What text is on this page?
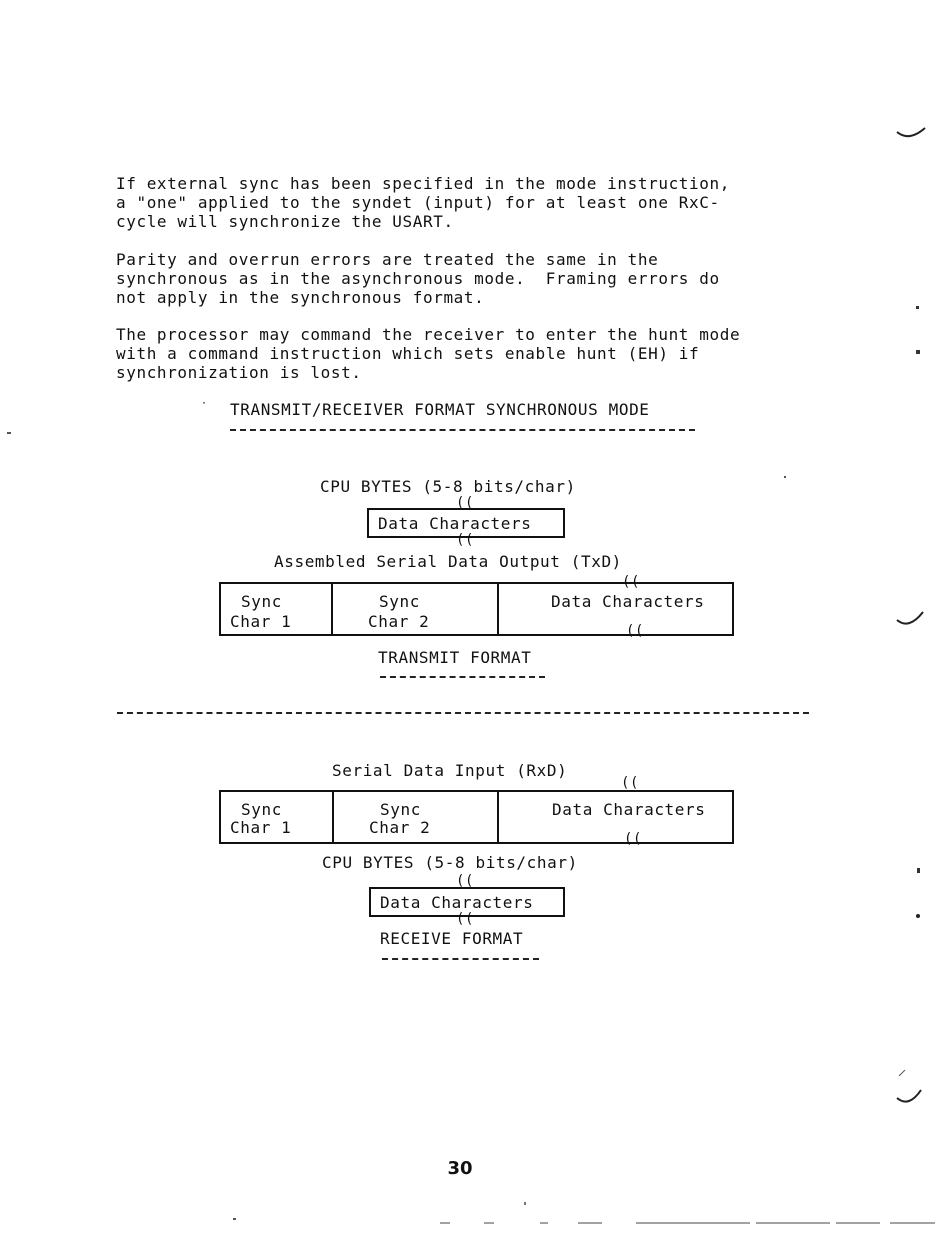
If external sync has been specified in the mode instruction,
a "one" applied to the syndet (input) for at least one RxC-
cycle will synchronize the USART.

Parity and overrun errors are treated the same in the
synchronous as in the asynchronous mode.  Framing errors do
not apply in the synchronous format.

The processor may command the receiver to enter the hunt mode
with a command instruction which sets enable hunt (EH) if
synchronization is lost.

· TRANSMIT/RECEIVER FORMAT SYNCHRONOUS MODE
CPU BYTES (5-8 bits/char)
Data Characters
((
((
Assembled Serial Data Output (TxD)
((
Sync
Char 1
Sync
Char 2
Data Characters
((
TRANSMIT FORMAT
Serial Data Input (RxD)
((
Sync
Char 1
Sync
Char 2
Data Characters
((
CPU BYTES (5-8 bits/char)
Data Characters
((
((
RECEIVE FORMAT
30
